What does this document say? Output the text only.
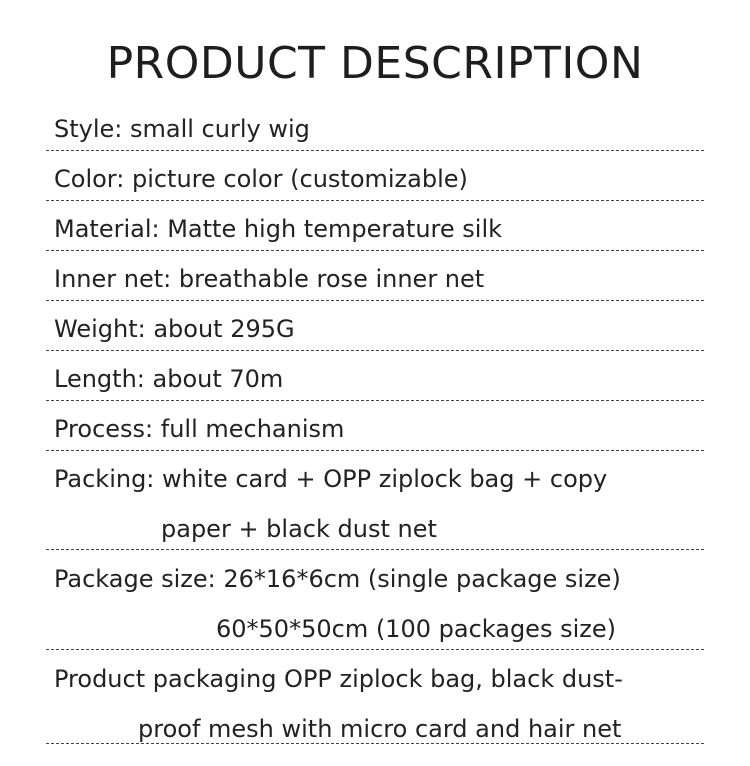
PRODUCT DESCRIPTION
Style: small curly wig
Color: picture color (customizable)
Material: Matte high temperature silk
Inner net: breathable rose inner net
Weight: about 295G
Length: about 70m
Process: full mechanism
Packing: white card + OPP ziplock bag + copy
paper + black dust net
Package size: 26*16*6cm (single package size)
60*50*50cm (100 packages size)
Product packaging OPP ziplock bag, black dust-
proof mesh with micro card and hair net
